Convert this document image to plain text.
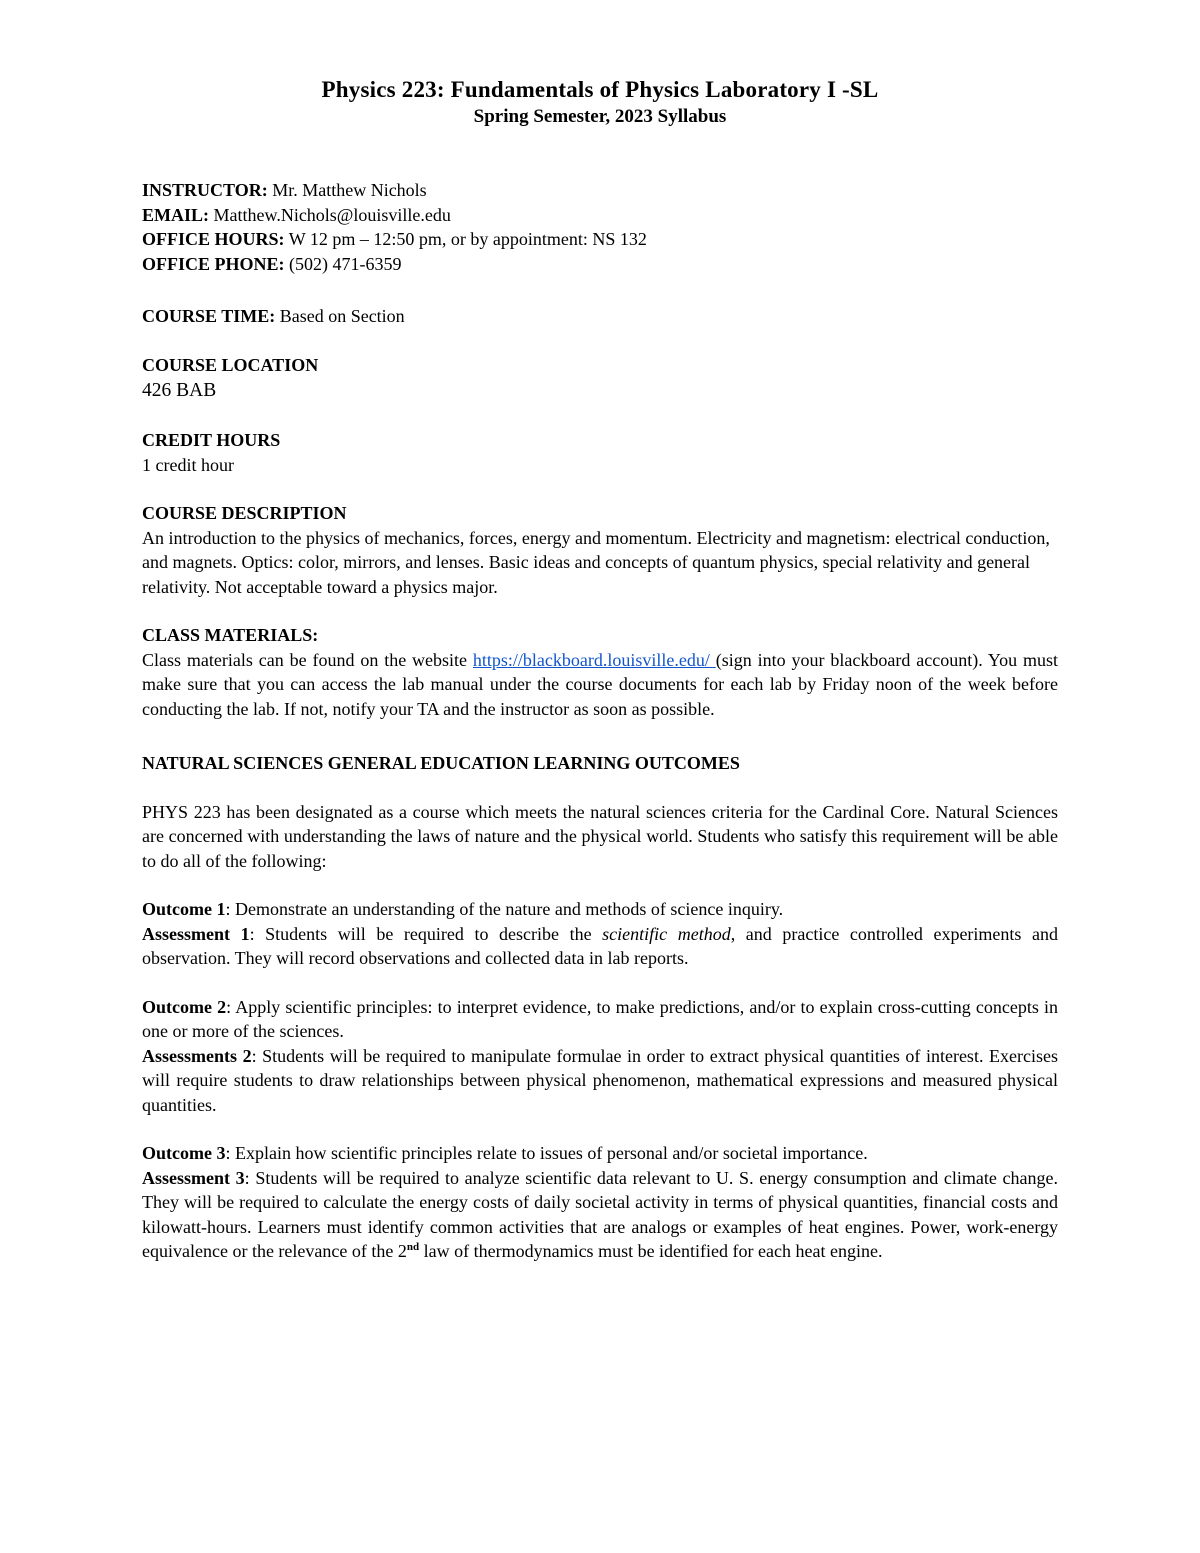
Physics 223: Fundamentals of Physics Laboratory I -SL

Spring Semester, 2023 Syllabus

INSTRUCTOR: Mr. Matthew Nichols

EMAIL: Matthew.Nichols@louisville.edu

OFFICE HOURS: W 12 pm – 12:50 pm, or by appointment: NS 132

OFFICE PHONE: (502) 471-6359

COURSE TIME: Based on Section

COURSE LOCATION

426 BAB

CREDIT HOURS

1 credit hour

COURSE DESCRIPTION

An introduction to the physics of mechanics, forces, energy and momentum. Electricity and magnetism: electrical conduction, and magnets. Optics: color, mirrors, and lenses. Basic ideas and concepts of quantum physics, special relativity and general relativity. Not acceptable toward a physics major.

CLASS MATERIALS:

Class materials can be found on the website https://blackboard.louisville.edu/ (sign into your blackboard account). You must make sure that you can access the lab manual under the course documents for each lab by Friday noon of the week before conducting the lab. If not, notify your TA and the instructor as soon as possible.

NATURAL SCIENCES GENERAL EDUCATION LEARNING OUTCOMES

PHYS 223 has been designated as a course which meets the natural sciences criteria for the Cardinal Core. Natural Sciences are concerned with understanding the laws of nature and the physical world. Students who satisfy this requirement will be able to do all of the following:

Outcome 1: Demonstrate an understanding of the nature and methods of science inquiry.

Assessment 1: Students will be required to describe the scientific method, and practice controlled experiments and observation. They will record observations and collected data in lab reports.

Outcome 2: Apply scientific principles: to interpret evidence, to make predictions, and/or to explain cross-cutting concepts in one or more of the sciences.

Assessments 2: Students will be required to manipulate formulae in order to extract physical quantities of interest. Exercises will require students to draw relationships between physical phenomenon, mathematical expressions and measured physical quantities.

Outcome 3: Explain how scientific principles relate to issues of personal and/or societal importance.

Assessment 3: Students will be required to analyze scientific data relevant to U. S. energy consumption and climate change. They will be required to calculate the energy costs of daily societal activity in terms of physical quantities, financial costs and kilowatt-hours. Learners must identify common activities that are analogs or examples of heat engines. Power, work-energy equivalence or the relevance of the 2nd law of thermodynamics must be identified for each heat engine.
